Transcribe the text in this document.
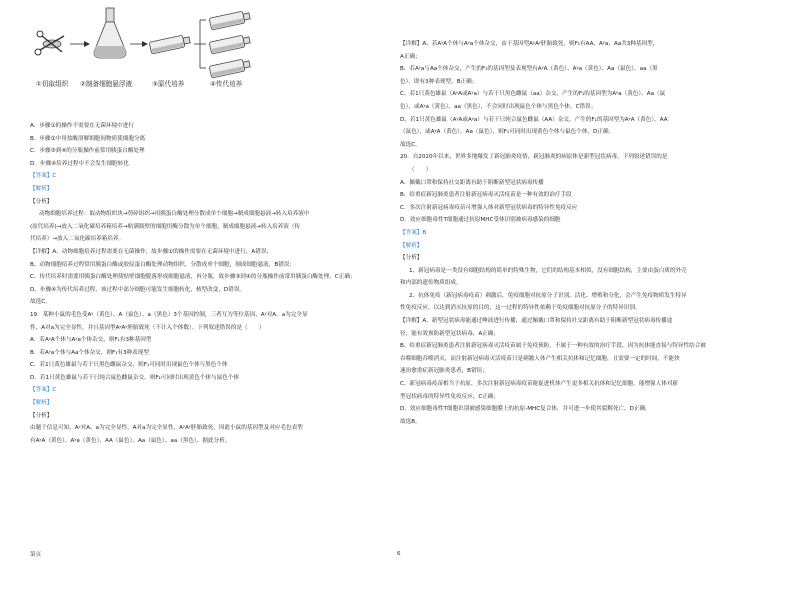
①切取组织 ②制备细胞悬浮液	③原代培养	④传代培养
A．步骤①的操作不需要在无菌环境中进行
B．步骤②中用盐酸溶解细胞间物质使细胞分离
C．步骤③到④的分瓶操作前常用胰蛋白酶处理
D．步骤④培养过程中不会发生细胞转化
【答案】C
【解析】
【分析】
动物细胞培养过程：取动物组织块→剪碎组织→用胰蛋白酶处理分散成单个细胞→制成细胞悬液→转入培养液中
(原代培养)→放入二氧化碳培养箱培养→贴满瓶壁的细胞用酶分散为单个细胞，制成细胞悬液→转入培养液（传
代培养）→放入二氧化碳培养箱培养。
【详解】A、动物细胞培养过程需要在无菌操作，故步骤①的操作需要在无菌环境中进行，A错误；
B、动物细胞培养过程常用胰蛋白酶或胶原蛋白酶处理动物组织，分散成单个细胞，制成细胞悬液，B错误；
C、传代培养时需要用胰蛋白酶处理使贴壁细胞脱落形成细胞悬液，再分瓶，故步骤③到④的分瓶操作前常用胰蛋白酶处理，C正确；
D、步骤④为传代培养过程，该过程中部分细胞可能发生细胞转化，核型改变，D错误。
故选C。
19．某种小鼠的毛色受Aʸ（黄色）、A（鼠色）、a（黑色）3个基因控制，三者互为等位基因，Aʸ对A、a为完全显
性，A对a为完全显性，并且基因型AʸAʸ胚胎致死（不计入个体数）。下列叙述错误的是（　　）
A．若AʸA个体与Aʸa个体杂交，则F₁有3种基因型
B．若Aʸa个体与Aa个体杂交，则F₁有3种表现型
C．若1只黄色雄鼠与若干只黑色雌鼠杂交，则F₁可同时出现鼠色个体与黑色个体
D．若1只黄色雄鼠与若干只纯合鼠色雌鼠杂交，则F₁可同时出现黄色个体与鼠色个体
【答案】C
【解析】
【分析】
由题干信息可知，Aʸ对A、a为完全显性，A对a为完全显性，AʸAʸ胚胎致死，因此小鼠的基因型及对应毛色表型
有AʸA（黄色）、Aʸa（黄色）、AA（鼠色）、Aa（鼠色）、aa（黑色），据此分析。
第页
【详解】A、若AʸA个体与Aʸa个体杂交，由于基因型AʸAʸ胚胎致死，则F₁有AA、Aʸa、Aa共3种基因型，
A正确；
B、若Aʸa与Aa个体杂交，产生的F₁的基因型及表现型有AʸA（黄色）、Aʸa（黄色）、Aa（鼠色）、aa（黑
色），即有3种表现型，B正确；
C、若1只黄色雄鼠（AʸA或Aʸa）与若干只黑色雌鼠（aa）杂交，产生的F₁的基因型为Aʸa（黄色）、Aa（鼠
色），或Aʸa（黄色）、aa（黑色），不会同时出现鼠色个体与黑色个体，C错误；
D、若1只黄色雄鼠（AʸA或Aʸa）与若干只纯合鼠色雌鼠（AA）杂交，产生的F₁的基因型为AʸA（黄色）、AA
（鼠色），或AʸA（黄色）、Aa（鼠色），则F₁可同时出现黄色个体与鼠色个体，D正确。
故选C。
20．自2020年以来，世界多地爆发了新冠肺炎疫情，新冠肺炎的病原体是新型冠状病毒。下列叙述错误的是
（　　）
A．佩戴口罩和保持社交距离有助于阻断新型冠状病毒传播
B．给重症新冠肺炎患者注射新冠病毒灭活疫苗是一种有效的治疗手段
C．多次注射新冠病毒疫苗可增强人体对新型冠状病毒的特异性免疫反应
D．效应细胞毒性T细胞通过抗原MHC受体识别被病毒感染的细胞
【答案】B
【解析】
【分析】
1、新冠病毒是一类没有细胞结构的简单的特殊生物，它们的结构基本相似，没有细胞结构，主要由蛋白质的外壳
和内部的遗传物质组成。
2、抗体免疫（新冠病毒疫苗）刺激后，免疫细胞对抗原分子识别、活化、增殖和分化，会产生免疫物质发生特异
性免疫反应，以达到消灭抗原的目的，这一过程的特异性依赖于免疫细胞对抗原分子的特异识别。
【详解】A、新型冠状病毒能通过唾液进行传播，通过佩戴口罩和保持社交距离有助于阻断新型冠状病毒传播途
径，能有效预防新型冠状病毒，A正确；
B、给重症新冠肺炎患者注射新冠病毒灭活疫苗属于免疫预防，不属于一种有效的治疗手段，因为抗体能直接与特异性结合被
吞噬细胞吞噬消灭，而注射新冠病毒灭活疫苗只是刺激人体产生相关抗体和记忆细胞，且需要一定的时间，不能快
速治愈重症新冠肺炎患者，B错误；
C、新冠病毒疫苗相当于抗原，多次注射新冠病毒疫苗能促进机体产生更多相关抗体和记忆细胞，能增强人体对新
型冠状病毒的特异性免疫反应，C正确；
D、效应细胞毒性T细胞识别被感染细胞膜上的抗原-MHC复合体，并可进一步使其裂解死亡，D正确。
故选B。
6
